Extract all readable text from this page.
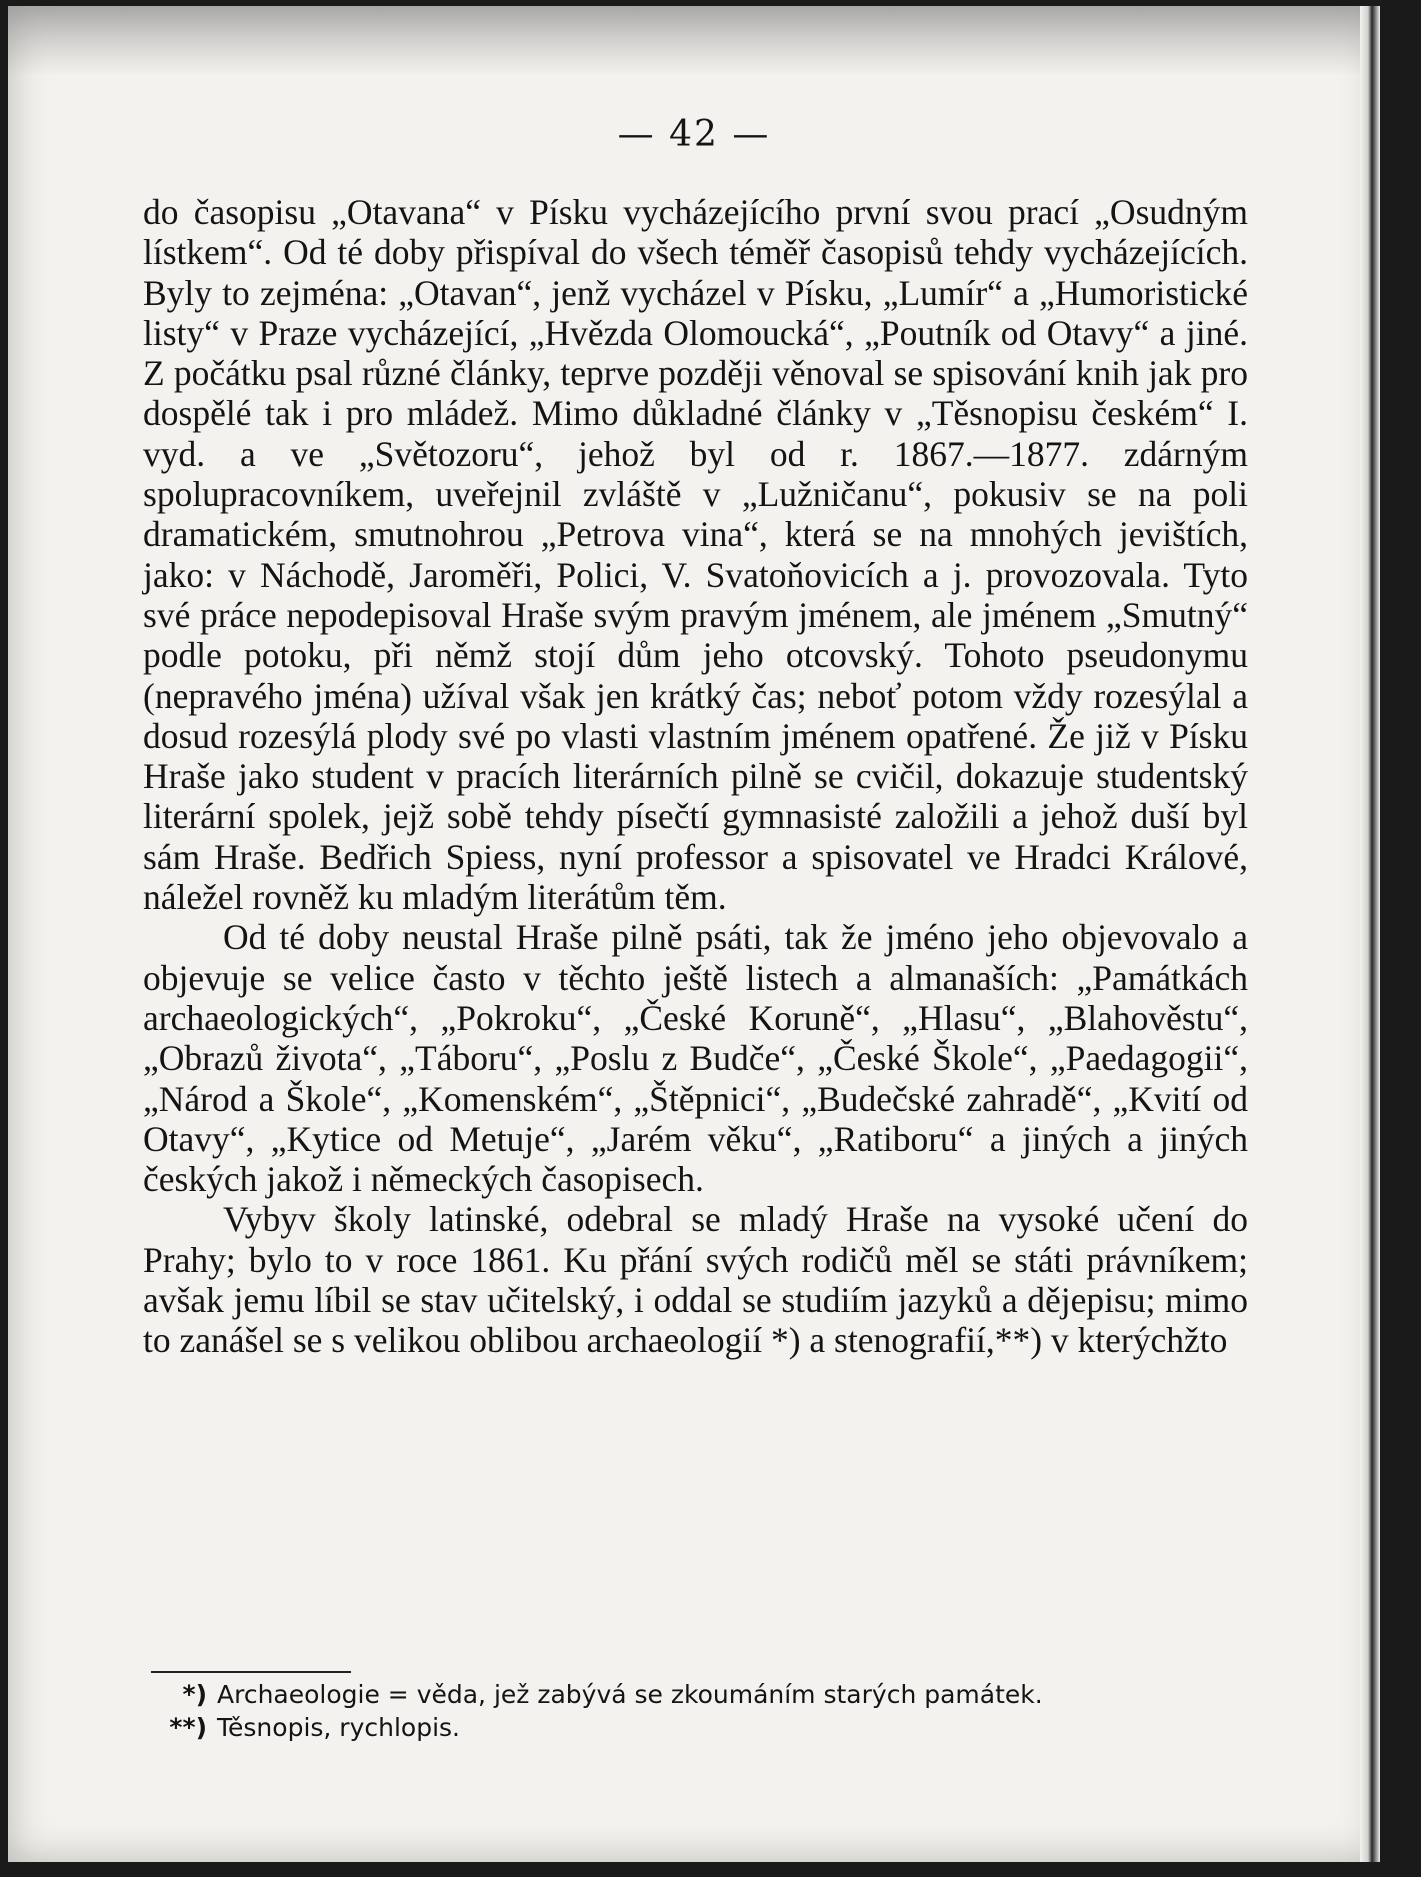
— 42 —

do časopisu „Otavana“ v Písku vycházejícího první svou prací „Osudným lístkem“. Od té doby přispíval do všech téměř časopisů tehdy vycházejících. Byly to zejména: „Otavan“, jenž vycházel v Písku, „Lumír“ a „Humoristické listy“ v Praze vycházející, „Hvězda Olomoucká“, „Poutník od Otavy“ a jiné. Z počátku psal různé články, teprve později věnoval se spisování knih jak pro dospělé tak i pro mládež. Mimo důkladné články v „Těsnopisu českém“ I. vyd. a ve „Světozoru“, jehož byl od r. 1867.—1877. zdárným spolupracovníkem, uveřejnil zvláště v „Lužničanu“, pokusiv se na poli dramatickém, smutnohrou „Petrova vina“, která se na mnohých jevištích, jako: v Náchodě, Jaroměři, Polici, V. Svatoňovicích a j. provozovala. Tyto své práce nepodepisoval Hraše svým pravým jménem, ale jménem „Smutný“ podle potoku, při němž stojí dům jeho otcovský. Tohoto pseudonymu (nepravého jména) užíval však jen krátký čas; neboť potom vždy rozesýlal a dosud rozesýlá plody své po vlasti vlastním jménem opatřené. Že již v Písku Hraše jako student v pracích literárních pilně se cvičil, dokazuje studentský literární spolek, jejž sobě tehdy písečtí gymnasisté založili a jehož duší byl sám Hraše. Bedřich Spiess, nyní professor a spisovatel ve Hradci Králové, náležel rovněž ku mladým literátům těm.

Od té doby neustal Hraše pilně psáti, tak že jméno jeho objevovalo a objevuje se velice často v těchto ještě listech a almanaších: „Památkách archaeologických“, „Pokroku“, „České Koruně“, „Hlasu“, „Blahověstu“, „Obrazů života“, „Táboru“, „Poslu z Budče“, „České Škole“, „Paedagogii“, „Národ a Škole“, „Komenském“, „Štěpnici“, „Budečské zahradě“, „Kvití od Otavy“, „Kytice od Metuje“, „Jarém věku“, „Ratiboru“ a jiných a jiných českých jakož i německých časopisech.

Vybyv školy latinské, odebral se mladý Hraše na vysoké učení do Prahy; bylo to v roce 1861. Ku přání svých rodičů měl se státi právníkem; avšak jemu líbil se stav učitelský, i oddal se studiím jazyků a dějepisu; mimo to zanášel se s velikou oblibou archaeologií *) a stenografií,**) v kterýchžto

*) Archaeologie = věda, jež zabývá se zkoumáním starých památek.

**) Těsnopis, rychlopis.
